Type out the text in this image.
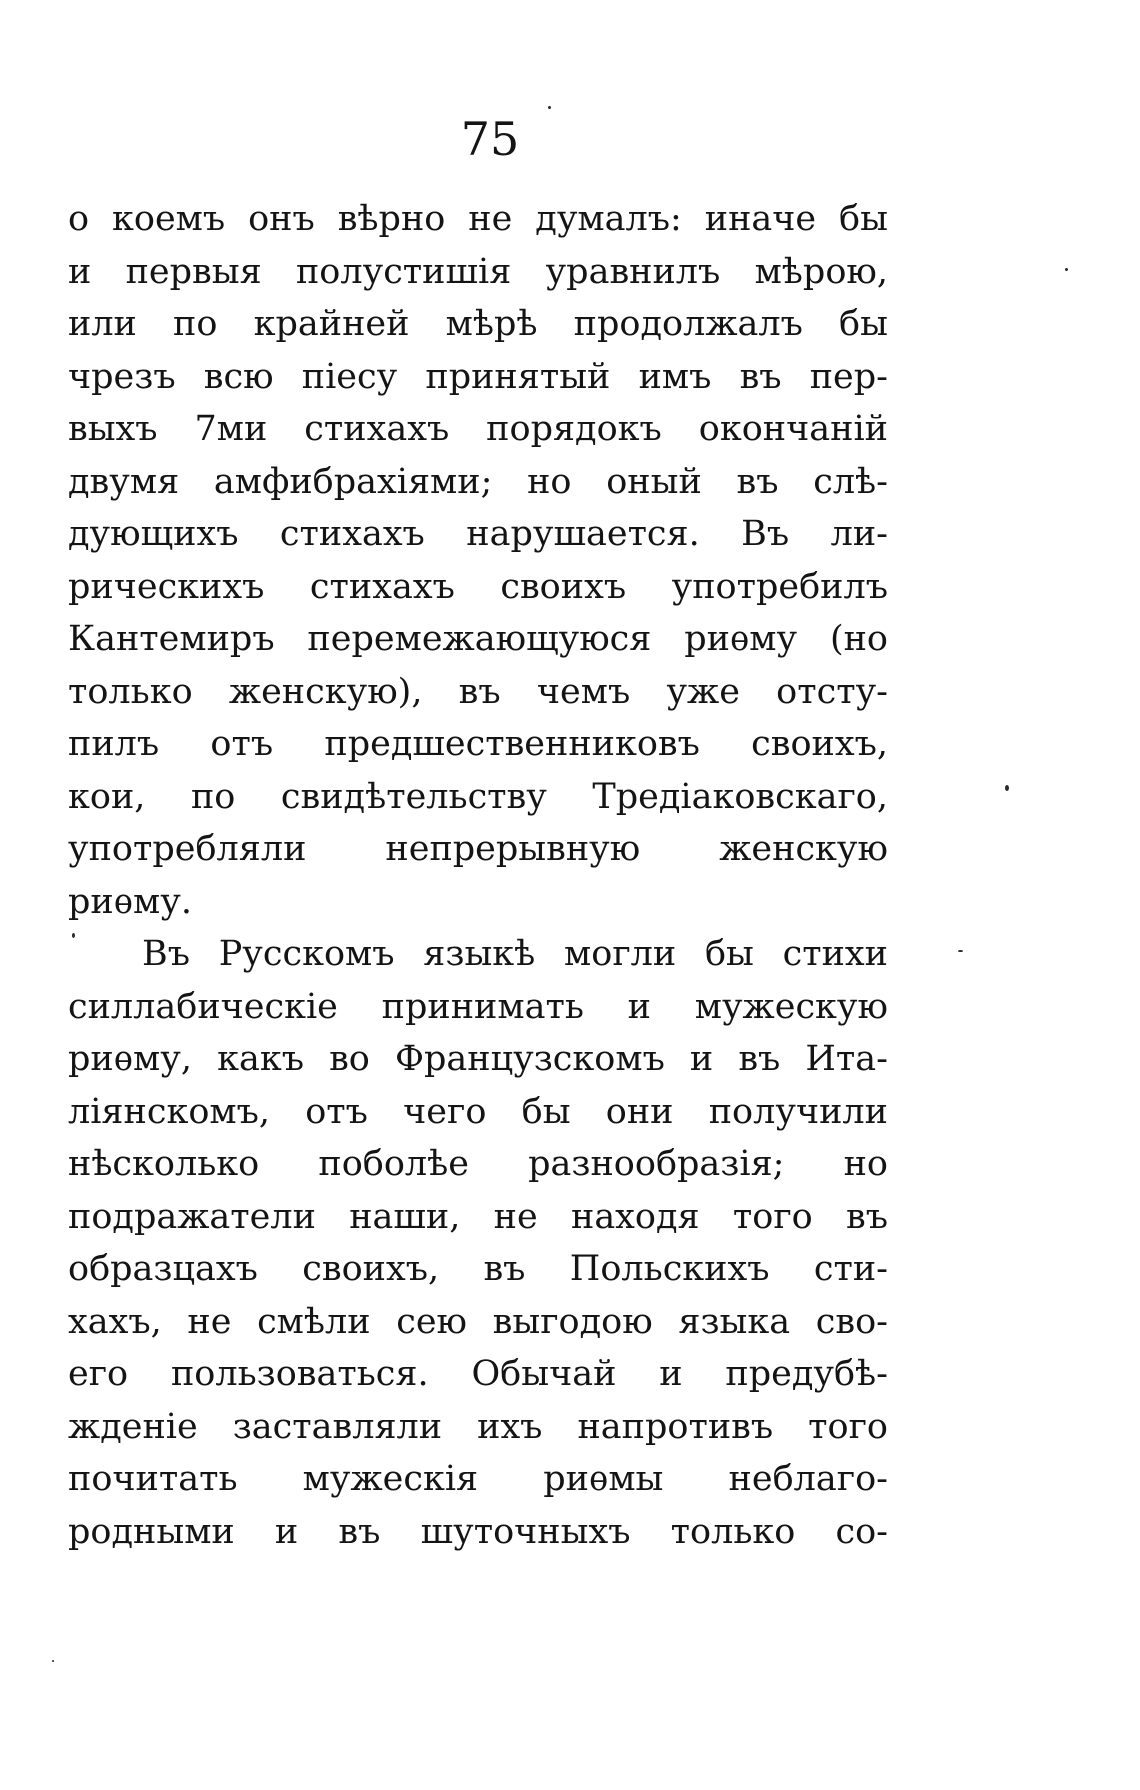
75
о коемъ онъ вѣрно не думалъ: иначе бы
и первыя полустишія уравнилъ мѣрою,
или по крайней мѣрѣ продолжалъ бы
чрезъ всю піесу принятый имъ въ пер-
выхъ 7ми стихахъ порядокъ окончаній
двумя амфибрахіями; но оный въ слѣ-
дующихъ стихахъ нарушается. Въ ли-
рическихъ стихахъ своихъ употребилъ
Кантемиръ перемежающуюся риѳму (но
только женскую), въ чемъ уже отсту-
пилъ отъ предшественниковъ своихъ,
кои, по свидѣтельству Тредіаковскаго,
употребляли непрерывную женскую
риѳму.
Въ Русскомъ языкѣ могли бы стихи
силлабическіе принимать и мужескую
риѳму, какъ во Французскомъ и въ Ита-
ліянскомъ, отъ чего бы они получили
нѣсколько поболѣе разнообразія; но
подражатели наши, не находя того въ
образцахъ своихъ, въ Польскихъ сти-
хахъ, не смѣли сею выгодою языка сво-
его пользоваться. Обычай и предубѣ-
жденіе заставляли ихъ напротивъ того
почитать мужескія риѳмы неблаго-
родными и въ шуточныхъ только со-
